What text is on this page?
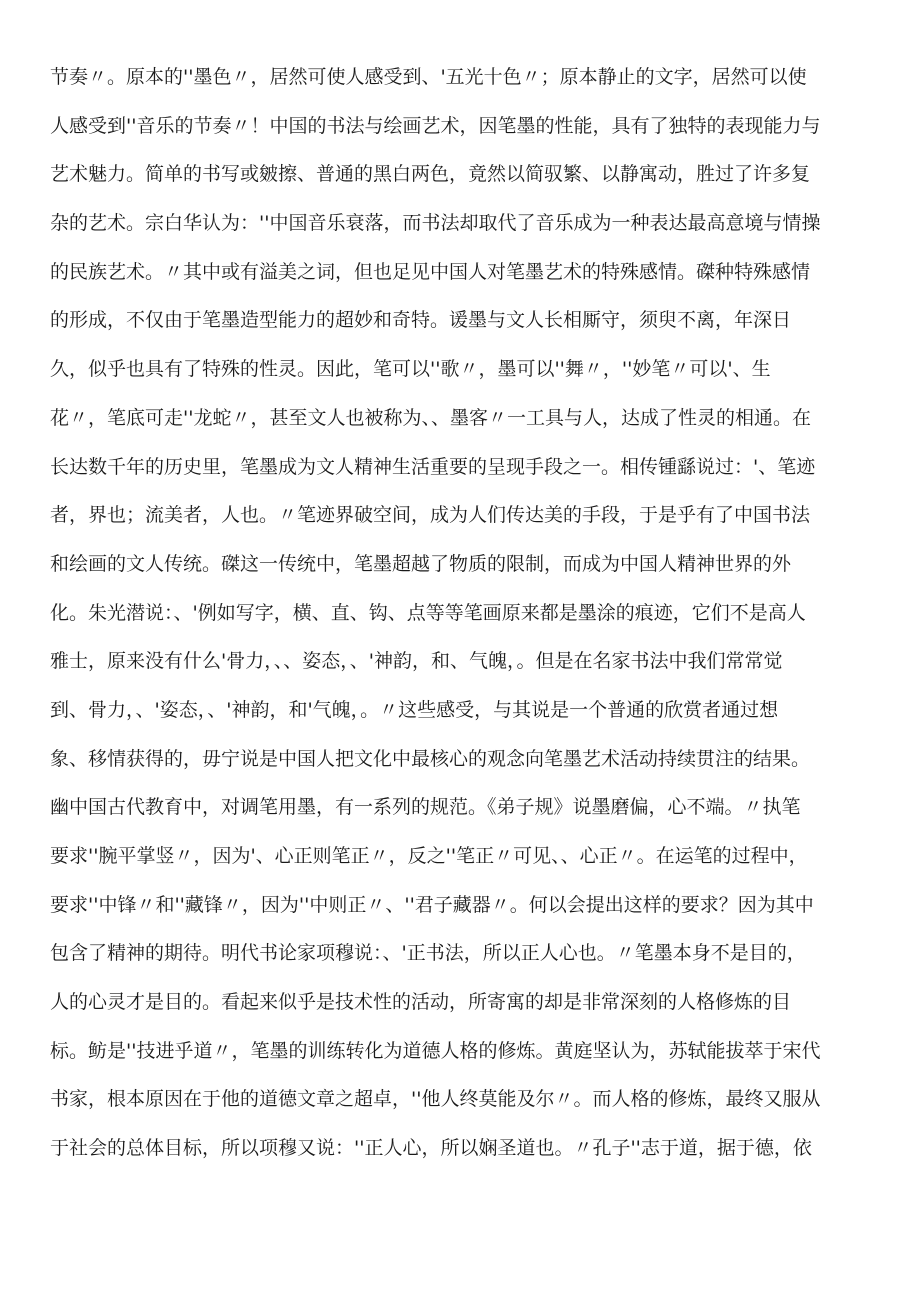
节奏〃。原本的''墨色〃，居然可使人感受到、'五光十色〃；原本静止的文字，居然可以使
人感受到''音乐的节奏〃！中国的书法与绘画艺术，因笔墨的性能，具有了独特的表现能力与
艺术魅力。简单的书写或皴擦、普通的黑白两色，竟然以简驭繁、以静寓动，胜过了许多复
杂的艺术。宗白华认为：''中国音乐衰落，而书法却取代了音乐成为一种表达最高意境与情操
的民族艺术。〃其中或有溢美之词，但也足见中国人对笔墨艺术的特殊感情。磔种特殊感情
的形成，不仅由于笔墨造型能力的超妙和奇特。谖墨与文人长相厮守，须臾不离，年深日
久，似乎也具有了特殊的性灵。因此，笔可以''歌〃，墨可以''舞〃，''妙笔〃可以'、生
花〃，笔底可走''龙蛇〃，甚至文人也被称为、、墨客〃一工具与人，达成了性灵的相通。在
长达数千年的历史里，笔墨成为文人精神生活重要的呈现手段之一。相传锺繇说过：'、笔迹
者，界也；流美者，人也。〃笔迹界破空间，成为人们传达美的手段，于是乎有了中国书法
和绘画的文人传统。磔这一传统中，笔墨超越了物质的限制，而成为中国人精神世界的外
化。朱光潜说：、'例如写字，横、直、钩、点等等笔画原来都是墨涂的痕迹，它们不是高人
雅士，原来没有什么'骨力，、、姿态，、'神韵，和、气魄，。但是在名家书法中我们常常觉
到、骨力，、'姿态，、'神韵，和'气魄，。〃这些感受，与其说是一个普通的欣赏者通过想
象、移情获得的，毋宁说是中国人把文化中最核心的观念向笔墨艺术活动持续贯注的结果。
幽中国古代教育中，对调笔用墨，有一系列的规范。《弟子规》说墨磨偏，心不端。〃执笔
要求''腕平掌竖〃，因为'、心正则笔正〃，反之''笔正〃可见、、心正〃。在运笔的过程中，
要求''中锋〃和''藏锋〃，因为''中则正〃、''君子藏器〃。何以会提出这样的要求？因为其中
包含了精神的期待。明代书论家项穆说：、'正书法，所以正人心也。〃笔墨本身不是目的，
人的心灵才是目的。看起来似乎是技术性的活动，所寄寓的却是非常深刻的人格修炼的目
标。鲂是''技进乎道〃，笔墨的训练转化为道德人格的修炼。黄庭坚认为，苏轼能拔萃于宋代
书家，根本原因在于他的道德文章之超卓，''他人终莫能及尔〃。而人格的修炼，最终又服从
于社会的总体目标，所以项穆又说：''正人心，所以娴圣道也。〃孔子''志于道，据于德，依
